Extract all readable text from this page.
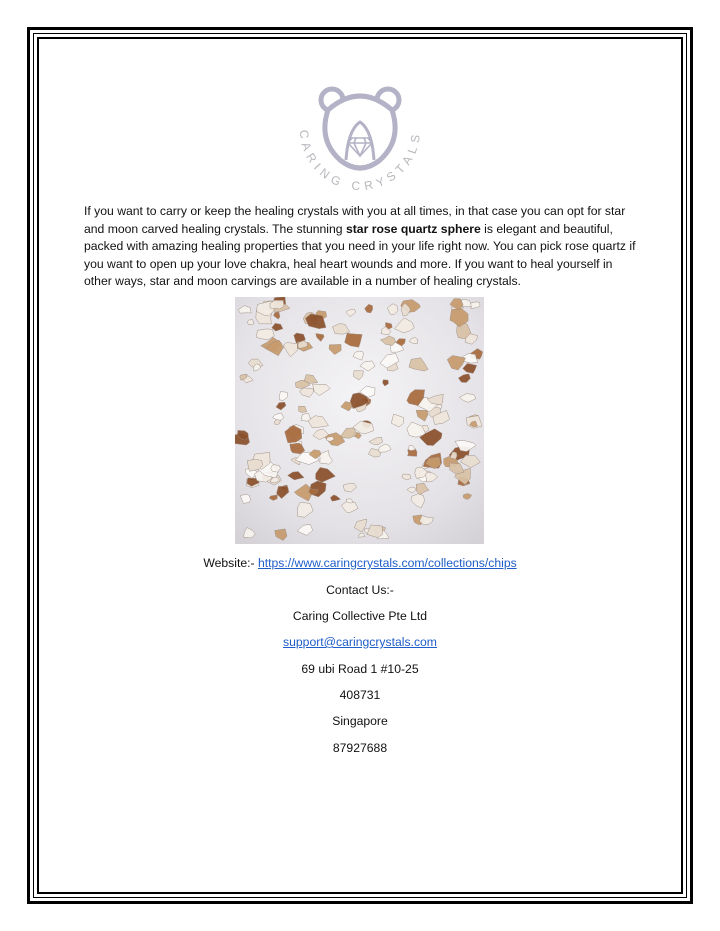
CARING CRYSTALS
If you want to carry or keep the healing crystals with you at all times, in that case you can opt for star and moon carved healing crystals. The stunning star rose quartz sphere is elegant and beautiful, packed with amazing healing properties that you need in your life right now. You can pick rose quartz if you want to open up your love chakra, heal heart wounds and more. If you want to heal yourself in other ways, star and moon carvings are available in a number of healing crystals.
Website:- https://www.caringcrystals.com/collections/chips
Contact Us:-
Caring Collective Pte Ltd
support@caringcrystals.com
69 ubi Road 1 #10-25
408731
Singapore
87927688
